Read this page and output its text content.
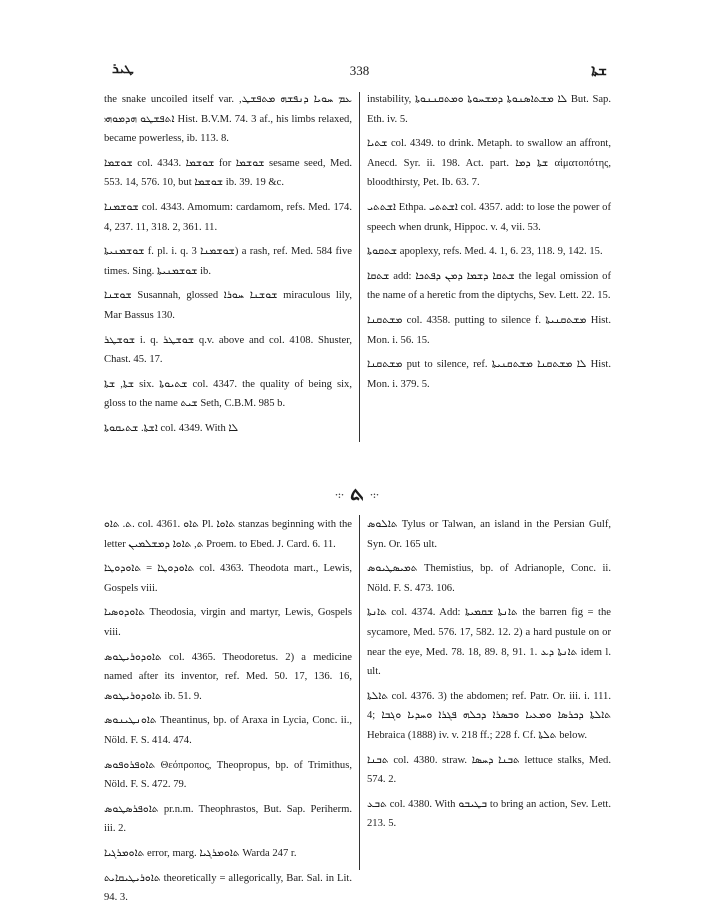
ܛܝܪ	338	ܫܬܐ

the snake uncoiled itself var. ܥܡ ܚܘܝܐ ܕܢܦܫܗ ܡܬܦܫܛ, ܐܬܦܫܛܘ ܗܕܡܘܗܝ Hist. B.V.M. 74. 3 af., his limbs relaxed, became powerless, ib. 113. 8.

ܫܘܫܡܐ col. 4343. ܫܘܫܡܐ for ܫܘܫܡܐ sesame seed, Med. 553. 14, 576. 10, but ܫܘܫܡܐ ib. 39. 19 &c.

ܫܘܫܡܢܐ col. 4343. Amomum: cardamom, refs. Med. 174. 4, 237. 11, 318. 2, 361. 11.

ܫܘܫܡܢܝܬܐ f. pl. i. q. ܫܘܫܡܢܐ 3) a rash, ref. Med. 584 five times. Sing. ܫܘܫܡܢܝܬܐ ib.

ܫܘܫܢܐ Susannah, glossed ܫܘܫܢܐ ܚܘܪܐ miraculous lily, Mar Bassus 130.

ܫܘܫܛܪ i. q. ܫܘܫܛܪ q.v. above and col. 4108. Shuster, Chast. 45. 17.

ܫܬܐ, ܫܬܐ six. ܫܬܝܘܬܐ col. 4347. the quality of being six, gloss to the name ܫܝܬ Seth, C.B.M. 985 b.

ܐܫܬܐ. ܫܬܝܩܘܬܐ col. 4349. With ܠܐ

instability, ܠܐ ܡܫܬܐܣܢܘܬܐ ܕܡܫܚܘܬܐ ܘܡܬܩܢܢܘܬܐ But. Sap. Eth. iv. 5.

ܫܬܝܐ col. 4349. to drink. Metaph. to swallow an affront, Anecd. Syr. ii. 198. Act. part. ܫܬܐ ܕܡܐ αἱματοπότης, bloodthirsty, Pet. Ib. 63. 7.

ܐܫܬܬܝ Ethpa. ܐܫܬܬܝ col. 4357. add: to lose the power of speech when drunk, Hippoc. v. 4, vii. 53.

ܫܬܩܘܬܐ apoplexy, refs. Med. 4. 1, 6. 23, 118. 9, 142. 15.

ܫܬܩܐ add: ܫܬܩܐ ܕܫܡܐ ܕܡܢ ܕܦܬܟܐ the legal omission of the name of a heretic from the diptychs, Sev. Lett. 22. 15.

ܡܫܬܩܢܐ col. 4358. putting to silence f. ܡܫܬܩܢܝܬܐ Hist. Mon. i. 56. 15.

ܡܫܬܩܢܐ put to silence, ref. ܠܐ ܡܫܬܩܢܐ ܡܫܬܩܢܝܬܐ Hist. Mon. i. 379. 5.

·:· ܬ ·:·

ܬ. ܬܐܘ. col. 4361. ܬܐܘ Pl. ܬܐܘܐ stanzas beginning with the letter ܬ, ܬܐܘܐ ܕܡܫܠܡܝܢ Proem. to Ebed. J. Card. 6. 11.

ܬܐܘܕܘܛܐ = ܬܐܘܕܘܛܐ col. 4363. Theodota mart., Lewis, Gospels viii.

ܬܐܘܕܘܣܝܐ Theodosia, virgin and martyr, Lewis, Gospels viii.

ܬܐܘܕܘܪܝܛܘܣ col. 4365. Theodoretus. 2) a medicine named after its inventor, ref. Med. 50. 17, 136. 16, ܬܐܘܕܘܪܝܛܘܣ ib. 51. 9.

ܬܐܘܢܛܝܢܘܣ Theantinus, bp. of Araxa in Lycia, Conc. ii., Nöld. F. S. 414. 474.

ܬܐܘܦܪܘܦܘܣ Θεόπροπος, Theopropus, bp. of Trimithus, Nöld. F. S. 472. 79.

ܬܐܘܦܪܣܛܘܣ pr.n.m. Theophrastos, But. Sap. Periherm. iii. 2.

ܬܐܘܡܪܓܝܐ error, marg. ܬܐܘܡܪܓܝܐ Warda 247 r.

ܬܐܘܪܝܛܝܩܐܝܬ theoretically = allegorically, Bar. Sal. in Lit. 94. 3.

ܬܐܠܘܣ Tylus or Talwan, an island in the Persian Gulf, Syn. Or. 165 ult.

ܬܡܝܣܛܝܘܣ Themistius, bp. of Adrianople, Conc. ii. Nöld. F. S. 473. 106.

ܬܐܢܬܐ col. 4374. Add: ܬܐܢܬܐ ܫܩܡܝܬܐ the barren fig = the sycamore, Med. 576. 17, 582. 12. 2) a hard pustule on or near the eye, Med. 78. 18, 89. 8, 91. 1. ܬܐܢܬܐ ܕܥ idem l. ult.

ܬܐܠܬܐ col. 4376. 3) the abdomen; ref. Patr. Or. iii. i. 111. 4; ܬܐܠܬܐ ܕܟܪܣܐ ܘܡܥܝܐ ܘܒܣܪܐ ܕܟܠܗ ܦܓܪܐ ܘܚܕܝܐ ܘܓܒܐ Hebraica (1888) iv. v. 218 ff.; 228 f. Cf. ܬܠܬܐ below.

ܬܒܢܐ col. 4380. straw. ܬܒܢܐ ܕܚܣܐ lettuce stalks, Med. 574. 2.

ܬܒܥ col. 4380. With ܒܛܝܒܘ to bring an action, Sev. Lett. 213. 5.
